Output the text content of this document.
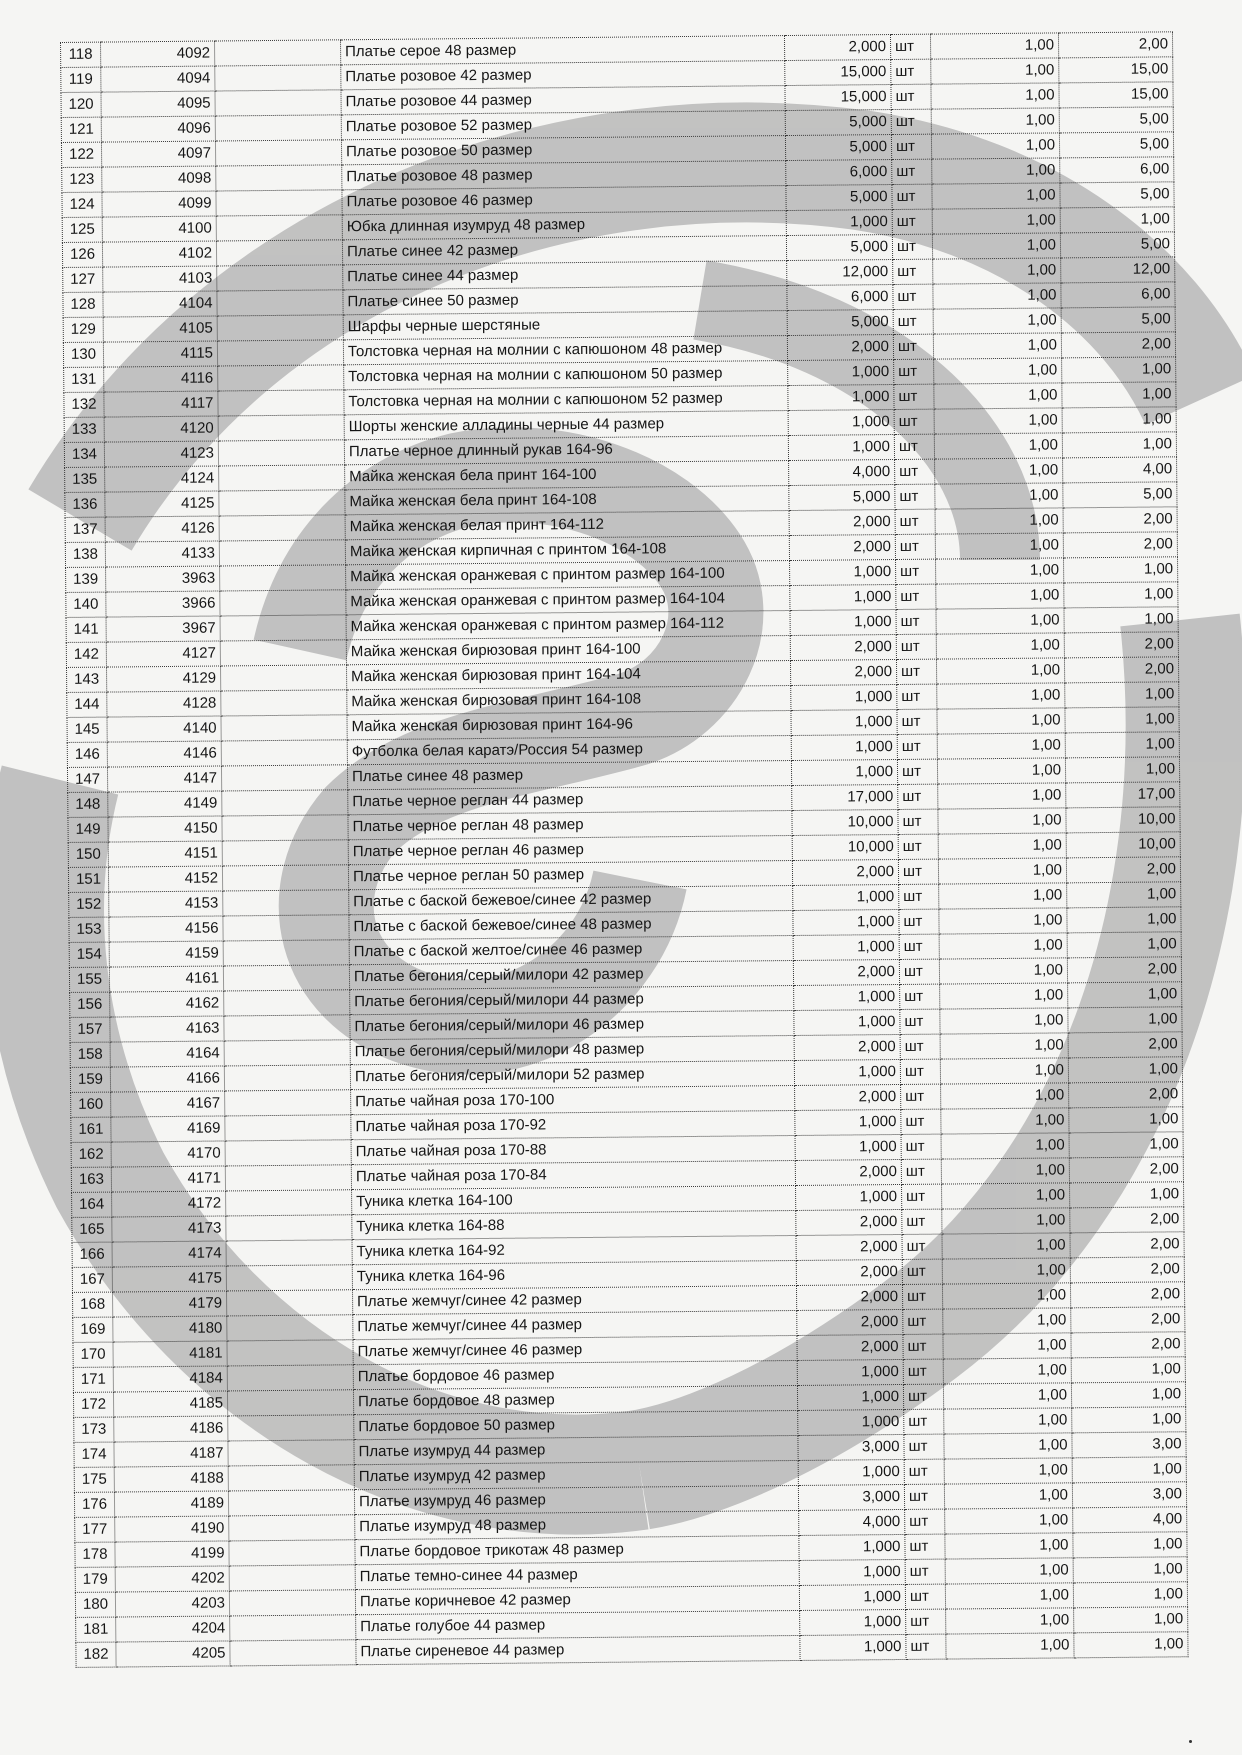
118	4092		Платье серое 48 размер	2,000	шт	1,00	2,00
119	4094		Платье розовое 42 размер	15,000	шт	1,00	15,00
120	4095		Платье розовое 44 размер	15,000	шт	1,00	15,00
121	4096		Платье розовое 52 размер	5,000	шт	1,00	5,00
122	4097		Платье розовое 50 размер	5,000	шт	1,00	5,00
123	4098		Платье розовое 48 размер	6,000	шт	1,00	6,00
124	4099		Платье розовое 46 размер	5,000	шт	1,00	5,00
125	4100		Юбка длинная изумруд 48 размер	1,000	шт	1,00	1,00
126	4102		Платье синее 42 размер	5,000	шт	1,00	5,00
127	4103		Платье синее 44 размер	12,000	шт	1,00	12,00
128	4104		Платье синее 50 размер	6,000	шт	1,00	6,00
129	4105		Шарфы черные шерстяные	5,000	шт	1,00	5,00
130	4115		Толстовка черная на молнии с капюшоном 48 размер	2,000	шт	1,00	2,00
131	4116		Толстовка черная на молнии с капюшоном 50 размер	1,000	шт	1,00	1,00
132	4117		Толстовка черная на молнии с капюшоном 52 размер	1,000	шт	1,00	1,00
133	4120		Шорты женские алладины черные 44 размер	1,000	шт	1,00	1,00
134	4123		Платье черное длинный рукав 164-96	1,000	шт	1,00	1,00
135	4124		Майка женская бела принт 164-100	4,000	шт	1,00	4,00
136	4125		Майка женская бела принт 164-108	5,000	шт	1,00	5,00
137	4126		Майка женская белая принт 164-112	2,000	шт	1,00	2,00
138	4133		Майка женская кирпичная с принтом 164-108	2,000	шт	1,00	2,00
139	3963		Майка женская оранжевая с принтом размер 164-100	1,000	шт	1,00	1,00
140	3966		Майка женская оранжевая с принтом размер 164-104	1,000	шт	1,00	1,00
141	3967		Майка женская оранжевая с принтом размер 164-112	1,000	шт	1,00	1,00
142	4127		Майка женская бирюзовая принт 164-100	2,000	шт	1,00	2,00
143	4129		Майка женская бирюзовая принт 164-104	2,000	шт	1,00	2,00
144	4128		Майка женская бирюзовая принт 164-108	1,000	шт	1,00	1,00
145	4140		Майка женская бирюзовая принт 164-96	1,000	шт	1,00	1,00
146	4146		Футболка белая каратэ/Россия 54 размер	1,000	шт	1,00	1,00
147	4147		Платье синее 48 размер	1,000	шт	1,00	1,00
148	4149		Платье черное реглан 44 размер	17,000	шт	1,00	17,00
149	4150		Платье черное реглан 48 размер	10,000	шт	1,00	10,00
150	4151		Платье черное реглан 46 размер	10,000	шт	1,00	10,00
151	4152		Платье черное реглан 50 размер	2,000	шт	1,00	2,00
152	4153		Платье с баской бежевое/синее 42 размер	1,000	шт	1,00	1,00
153	4156		Платье с баской бежевое/синее 48 размер	1,000	шт	1,00	1,00
154	4159		Платье с баской желтое/синее 46 размер	1,000	шт	1,00	1,00
155	4161		Платье бегония/серый/милори 42 размер	2,000	шт	1,00	2,00
156	4162		Платье бегония/серый/милори 44 размер	1,000	шт	1,00	1,00
157	4163		Платье бегония/серый/милори 46 размер	1,000	шт	1,00	1,00
158	4164		Платье бегония/серый/милори 48 размер	2,000	шт	1,00	2,00
159	4166		Платье бегония/серый/милори 52 размер	1,000	шт	1,00	1,00
160	4167		Платье чайная роза 170-100	2,000	шт	1,00	2,00
161	4169		Платье чайная роза 170-92	1,000	шт	1,00	1,00
162	4170		Платье чайная роза 170-88	1,000	шт	1,00	1,00
163	4171		Платье чайная роза 170-84	2,000	шт	1,00	2,00
164	4172		Туника клетка 164-100	1,000	шт	1,00	1,00
165	4173		Туника клетка 164-88	2,000	шт	1,00	2,00
166	4174		Туника клетка 164-92	2,000	шт	1,00	2,00
167	4175		Туника клетка 164-96	2,000	шт	1,00	2,00
168	4179		Платье жемчуг/синее 42 размер	2,000	шт	1,00	2,00
169	4180		Платье жемчуг/синее 44 размер	2,000	шт	1,00	2,00
170	4181		Платье жемчуг/синее 46 размер	2,000	шт	1,00	2,00
171	4184		Платье бордовое 46 размер	1,000	шт	1,00	1,00
172	4185		Платье бордовое 48 размер	1,000	шт	1,00	1,00
173	4186		Платье бордовое 50 размер	1,000	шт	1,00	1,00
174	4187		Платье изумруд 44 размер	3,000	шт	1,00	3,00
175	4188		Платье изумруд 42 размер	1,000	шт	1,00	1,00
176	4189		Платье изумруд 46 размер	3,000	шт	1,00	3,00
177	4190		Платье изумруд 48 размер	4,000	шт	1,00	4,00
178	4199		Платье бордовое трикотаж 48 размер	1,000	шт	1,00	1,00
179	4202		Платье темно-синее 44 размер	1,000	шт	1,00	1,00
180	4203		Платье коричневое 42 размер	1,000	шт	1,00	1,00
181	4204		Платье голубое 44 размер	1,000	шт	1,00	1,00
182	4205		Платье сиреневое 44 размер	1,000	шт	1,00	1,00
